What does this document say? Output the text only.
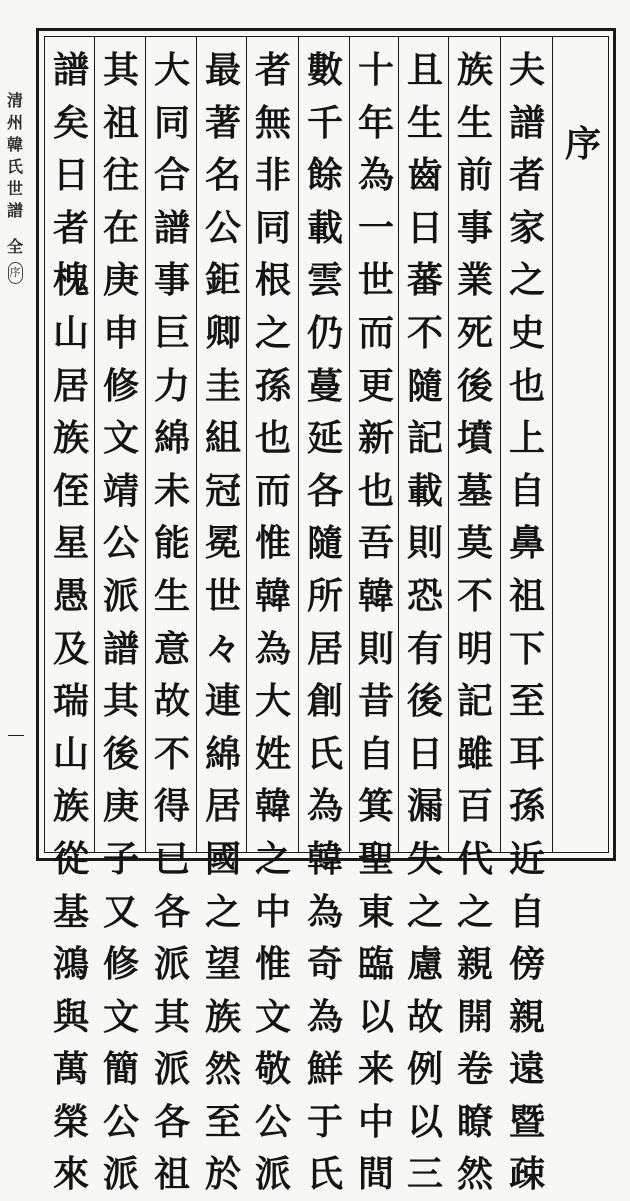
夫
譜
者
家
之
史
也
上
自
鼻
祖
下
至
耳
孫
近
自
傍
親
遠
暨
疎
族
生
前
事
業
死
後
墳
墓
莫
不
明
記
雖
百
代
之
親
開
卷
瞭
然
且
生
齒
日
蕃
不
隨
記
載
則
恐
有
後
日
漏
失
之
慮
故
例
以
三
十
年
為
一
世
而
更
新
也
吾
韓
則
昔
自
箕
聖
東
臨
以
来
中
間
數
千
餘
載
雲
仍
蔓
延
各
隨
所
居
創
氏
為
韓
為
奇
為
鮮
于
氏
者
無
非
同
根
之
孫
也
而
惟
韓
為
大
姓
韓
之
中
惟
文
敬
公
派
最
著
名
公
鉅
卿
圭
組
冠
冕
世
々
連
綿
居
國
之
望
族
然
至
於
大
同
合
譜
事
巨
力
綿
未
能
生
意
故
不
得
已
各
派
其
派
各
祖
其
祖
往
在
庚
申
修
文
靖
公
派
譜
其
後
庚
子
又
修
文
簡
公
派
譜
矣
日
者
槐
山
居
族
侄
星
愚
及
瑞
山
族
從
基
鴻
與
萬
榮
來
序
清
州
韓
氏
世
譜
全
序
